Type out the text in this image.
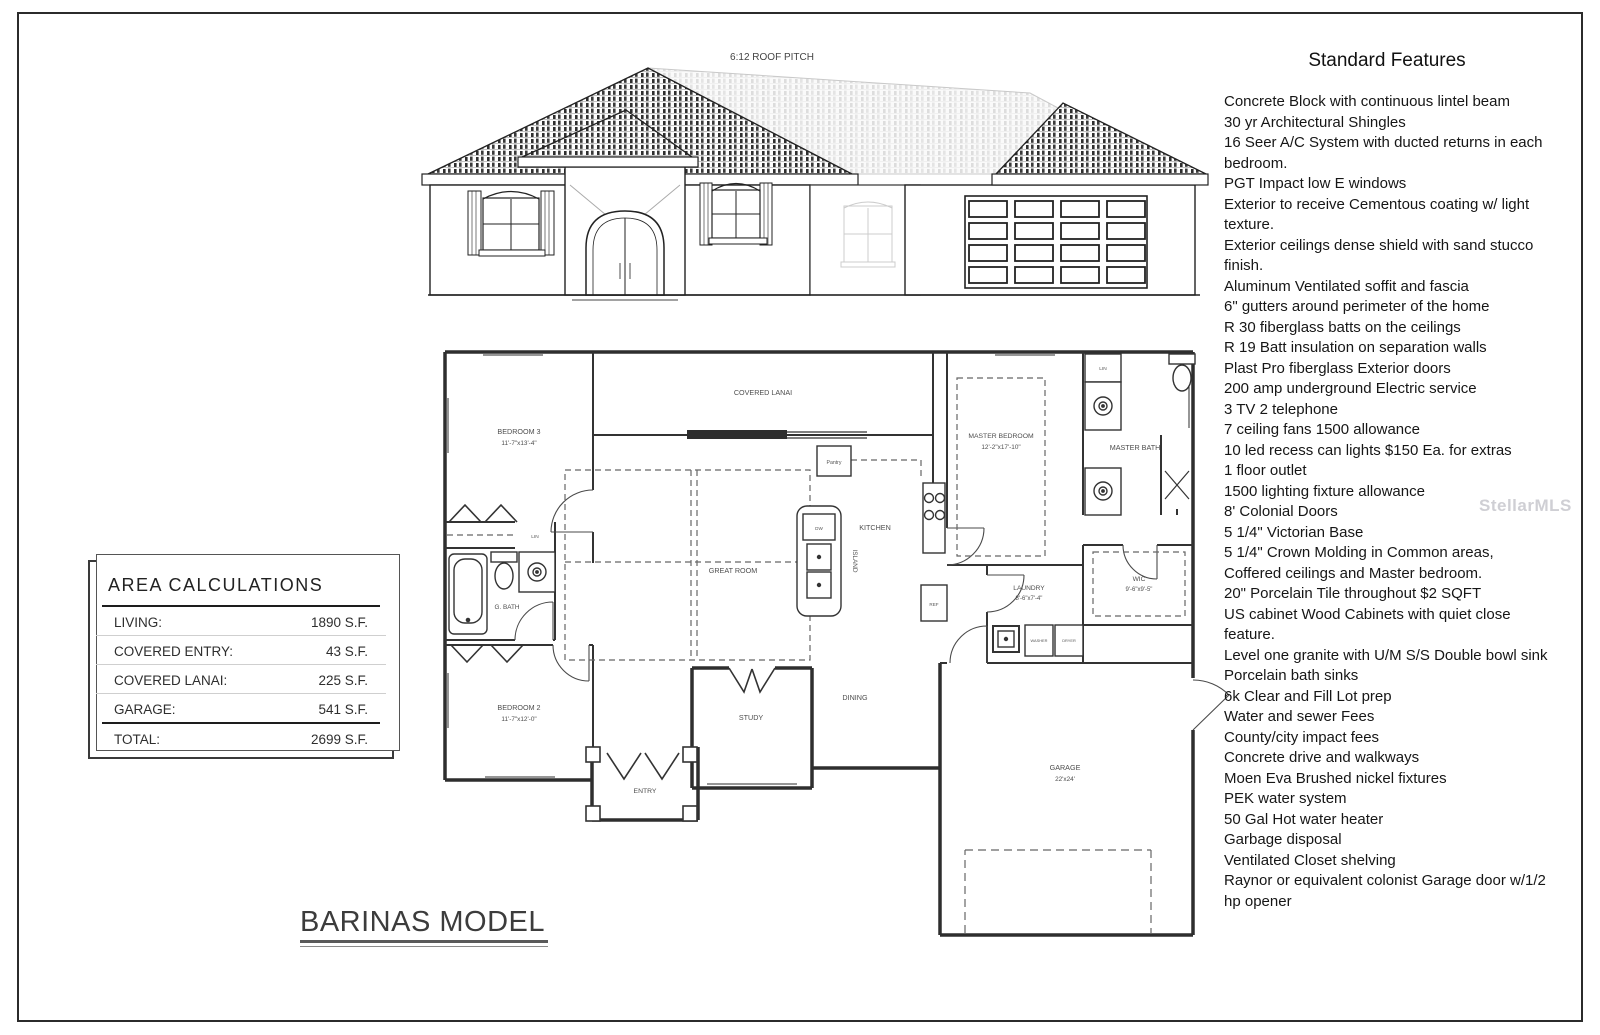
6:12 ROOF PITCH
BEDROOM 3
11'-7"x13'-4"
COVERED LANAI
MASTER BEDROOM
12'-2"x17'-10"	MASTER BATH
WIC
9'-6"x9'-5"
G. BATH
GREAT ROOM
KITCHEN
LAUNDRY
8'-6"x7'-4"
BEDROOM 2
11'-7"x12'-0"
ENTRY
STUDY
DINING
GARAGE
22'x24'
LIN
LIN
Pantry
DW
REF
WASHER	DRYER
ISLAND
Standard Features
Concrete Block with continuous lintel beam
30 yr Architectural Shingles
16 Seer A/C System with ducted returns in each bedroom.
PGT Impact low E windows
Exterior to receive Cementous coating w/ light texture.
Exterior ceilings dense shield with sand stucco finish.
Aluminum Ventilated soffit and fascia
6" gutters around perimeter of the home
R 30 fiberglass batts on the ceilings
R 19 Batt insulation on separation walls
Plast Pro fiberglass Exterior doors
200 amp underground Electric service
3 TV 2 telephone
7 ceiling fans 1500 allowance
10 led recess can lights $150 Ea. for extras
1 floor outlet
1500 lighting fixture allowance
8' Colonial Doors
5 1/4" Victorian Base
5 1/4" Crown Molding in Common areas, Coffered ceilings and Master bedroom.
20" Porcelain Tile throughout $2 SQFT
US cabinet Wood Cabinets with quiet close feature.
Level one granite with U/M S/S Double bowl sink
Porcelain bath sinks
6k Clear and Fill Lot prep
Water and sewer Fees
County/city impact fees
Concrete drive and walkways
Moen Eva Brushed nickel fixtures
PEK water system
50 Gal Hot water heater
Garbage disposal
Ventilated Closet shelving
Raynor or equivalent colonist Garage door w/1/2 hp opener
AREA CALCULATIONS
LIVING:	1890 S.F.
COVERED ENTRY:	43 S.F.
COVERED LANAI:	225 S.F.
GARAGE:	541 S.F.
TOTAL:	2699 S.F.
BARINAS MODEL
StellarMLS
